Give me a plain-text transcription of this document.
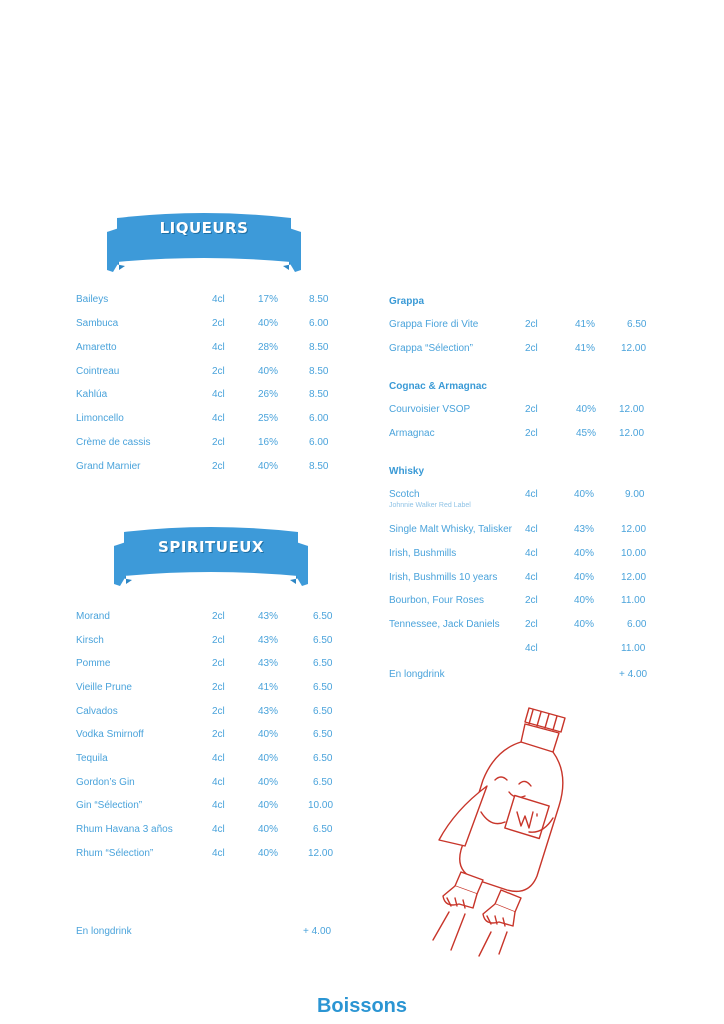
LIQUEURS
SPIRITUEUX
Baileys	4cl	17%	8.50
Sambuca	2cl	40%	6.00
Amaretto	4cl	28%	8.50
Cointreau	2cl	40%	8.50
Kahlúa	4cl	26%	8.50
Limoncello	4cl	25%	6.00
Crème de cassis	2cl	16%	6.00
Grand Marnier	2cl	40%	8.50
Morand	2cl	43%	6.50
Kirsch	2cl	43%	6.50
Pomme	2cl	43%	6.50
Vieille Prune	2cl	41%	6.50
Calvados	2cl	43%	6.50
Vodka Smirnoff	2cl	40%	6.50
Tequila	4cl	40%	6.50
Gordon’s Gin	4cl	40%	6.50
Gin “Sélection”	4cl	40%	10.00
Rhum Havana 3 años	4cl	40%	6.50
Rhum “Sélection”	4cl	40%	12.00
En longdrink	+ 4.00
Grappa
Grappa Fiore di Vite	2cl	41%	6.50
Grappa “Sélection”	2cl	41%	12.00
Cognac & Armagnac
Courvoisier VSOP	2cl	40% 12.00
Armagnac	2cl	45% 12.00
Whisky
Scotch	4cl	40%	9.00
Johnnie Walker Red Label
Single Malt Whisky, Talisker 4cl	43%	12.00
Irish, Bushmills	4cl	40%	10.00
Irish, Bushmills 10 years	4cl	40%	12.00
Bourbon, Four Roses	2cl	40%	11.00
Tennessee, Jack Daniels	2cl	40%	6.00
4cl	11.00
En longdrink	+ 4.00
Boissons
